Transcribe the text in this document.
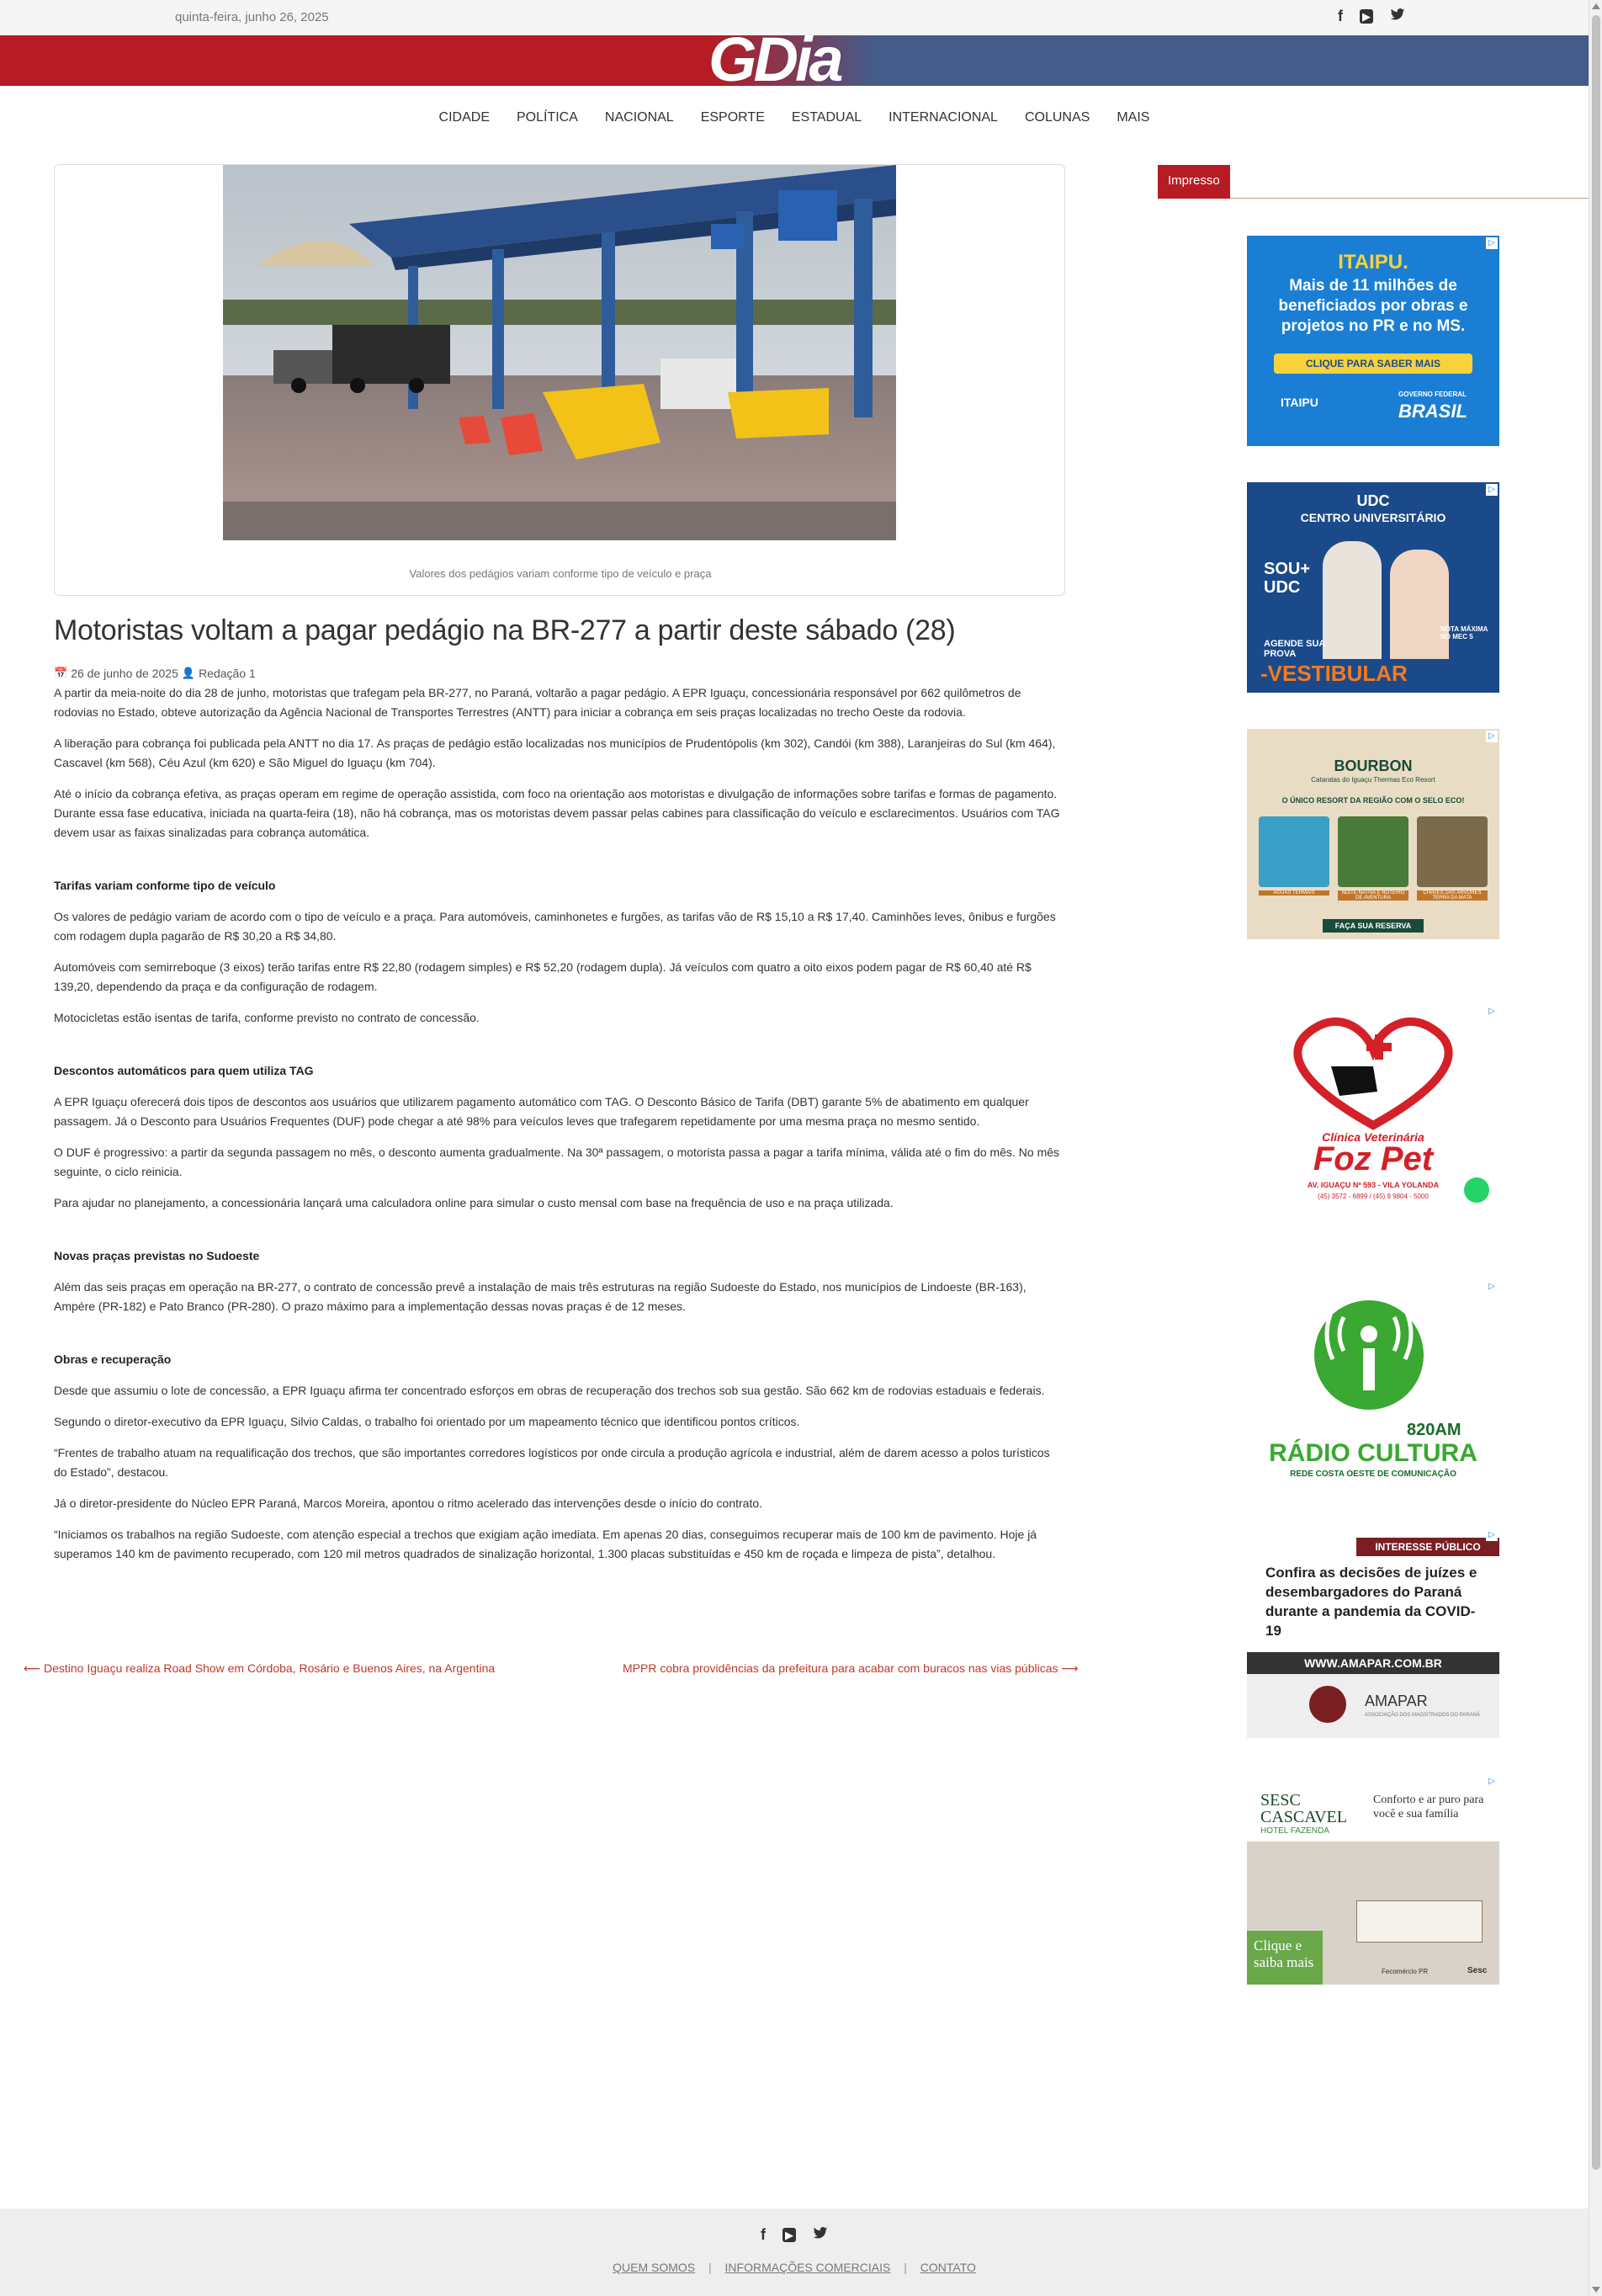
quinta-feira, junho 26, 2025	f ▶
GDia
CIDADE	POLÍTICA	NACIONAL	ESPORTE	ESTADUAL	INTERNACIONAL	COLUNAS	MAIS
Valores dos pedágios variam conforme tipo de veículo e praça
Motoristas voltam a pagar pedágio na BR-277 a partir deste sábado (28)
📅 26 de junho de 2025 👤 Redação 1

A partir da meia-noite do dia 28 de junho, motoristas que trafegam pela BR-277, no Paraná, voltarão a pagar pedágio. A EPR Iguaçu, concessionária responsável por 662 quilômetros de rodovias no Estado, obteve autorização da Agência Nacional de Transportes Terrestres (ANTT) para iniciar a cobrança em seis praças localizadas no trecho Oeste da rodovia.

A liberação para cobrança foi publicada pela ANTT no dia 17. As praças de pedágio estão localizadas nos municípios de Prudentópolis (km 302), Candói (km 388), Laranjeiras do Sul (km 464), Cascavel (km 568), Céu Azul (km 620) e São Miguel do Iguaçu (km 704).

Até o início da cobrança efetiva, as praças operam em regime de operação assistida, com foco na orientação aos motoristas e divulgação de informações sobre tarifas e formas de pagamento. Durante essa fase educativa, iniciada na quarta-feira (18), não há cobrança, mas os motoristas devem passar pelas cabines para classificação do veículo e esclarecimentos. Usuários com TAG devem usar as faixas sinalizadas para cobrança automática.

Tarifas variam conforme tipo de veículo

Os valores de pedágio variam de acordo com o tipo de veículo e a praça. Para automóveis, caminhonetes e furgões, as tarifas vão de R$ 15,10 a R$ 17,40. Caminhões leves, ônibus e furgões com rodagem dupla pagarão de R$ 30,20 a R$ 34,80.

Automóveis com semirreboque (3 eixos) terão tarifas entre R$ 22,80 (rodagem simples) e R$ 52,20 (rodagem dupla). Já veículos com quatro a oito eixos podem pagar de R$ 60,40 até R$ 139,20, dependendo da praça e da configuração de rodagem.

Motocicletas estão isentas de tarifa, conforme previsto no contrato de concessão.

Descontos automáticos para quem utiliza TAG

A EPR Iguaçu oferecerá dois tipos de descontos aos usuários que utilizarem pagamento automático com TAG. O Desconto Básico de Tarifa (DBT) garante 5% de abatimento em qualquer passagem. Já o Desconto para Usuários Frequentes (DUF) pode chegar a até 98% para veículos leves que trafegarem repetidamente por uma mesma praça no mesmo sentido.

O DUF é progressivo: a partir da segunda passagem no mês, o desconto aumenta gradualmente. Na 30ª passagem, o motorista passa a pagar a tarifa mínima, válida até o fim do mês. No mês seguinte, o ciclo reinicia.

Para ajudar no planejamento, a concessionária lançará uma calculadora online para simular o custo mensal com base na frequência de uso e na praça utilizada.

Novas praças previstas no Sudoeste

Além das seis praças em operação na BR-277, o contrato de concessão prevê a instalação de mais três estruturas na região Sudoeste do Estado, nos municípios de Lindoeste (BR-163), Ampére (PR-182) e Pato Branco (PR-280). O prazo máximo para a implementação dessas novas praças é de 12 meses.

Obras e recuperação

Desde que assumiu o lote de concessão, a EPR Iguaçu afirma ter concentrado esforços em obras de recuperação dos trechos sob sua gestão. São 662 km de rodovias estaduais e federais.

Segundo o diretor-executivo da EPR Iguaçu, Silvio Caldas, o trabalho foi orientado por um mapeamento técnico que identificou pontos críticos.

“Frentes de trabalho atuam na requalificação dos trechos, que são importantes corredores logísticos por onde circula a produção agrícola e industrial, além de darem acesso a polos turísticos do Estado”, destacou.

Já o diretor-presidente do Núcleo EPR Paraná, Marcos Moreira, apontou o ritmo acelerado das intervenções desde o início do contrato.

“Iniciamos os trabalhos na região Sudoeste, com atenção especial a trechos que exigiam ação imediata. Em apenas 20 dias, conseguimos recuperar mais de 100 km de pavimento. Hoje já superamos 140 km de pavimento recuperado, com 120 mil metros quadrados de sinalização horizontal, 1.300 placas substituídas e 450 km de roçada e limpeza de pista”, detalhou.

⟵ Destino Iguaçu realiza Road Show em Córdoba, Rosário e Buenos Aires, na Argentina	MPPR cobra providências da prefeitura para acabar com buracos nas vias públicas ⟶
Impresso
▷
ITAIPU.
Mais de 11 milhões de beneficiados por obras e projetos no PR e no MS.
CLIQUE PARA SABER MAIS
ITAIPU
GOVERNO FEDERAL
BRASIL
▷
UDC
CENTRO UNIVERSITÁRIO
SOU+ UDC
NOTA MÁXIMA NO MEC 5
AGENDE SUA PROVA
-VESTIBULAR
▷
BOURBON
Cataratas do Iguaçu Thermas Eco Resort
O ÚNICO RESORT DA REGIÃO COM O SELO ECO!
ÁGUAS TERMAIS	NOITE NATIVA E ROTEIRO DE AVENTURA
CHAVES DAS ÁRVORES TERRA DA MATA
FAÇA SUA RESERVA
▷
Clínica Veterinária
Foz Pet
AV. IGUAÇU Nº 593 - VILA YOLANDA
(45) 3572 - 6899 / (45) 9 9804 - 5000
▷
820AM
RÁDIO CULTURA
REDE COSTA OESTE DE COMUNICAÇÃO
▷
INTERESSE PÚBLICO
Confira as decisões de juízes e desembargadores do Paraná durante a pandemia da COVID-19
WWW.AMAPAR.COM.BR
AMAPAR
ASSOCIAÇÃO DOS MAGISTRADOS DO PARANÁ
▷
SESC
CASCAVEL
HOTEL FAZENDA
Conforto e ar puro para você e sua família
Clique e saiba mais
Fecomércio PR	Sesc
f ▶
QUEM SOMOS | INFORMAÇÕES COMERCIAIS | CONTATO
